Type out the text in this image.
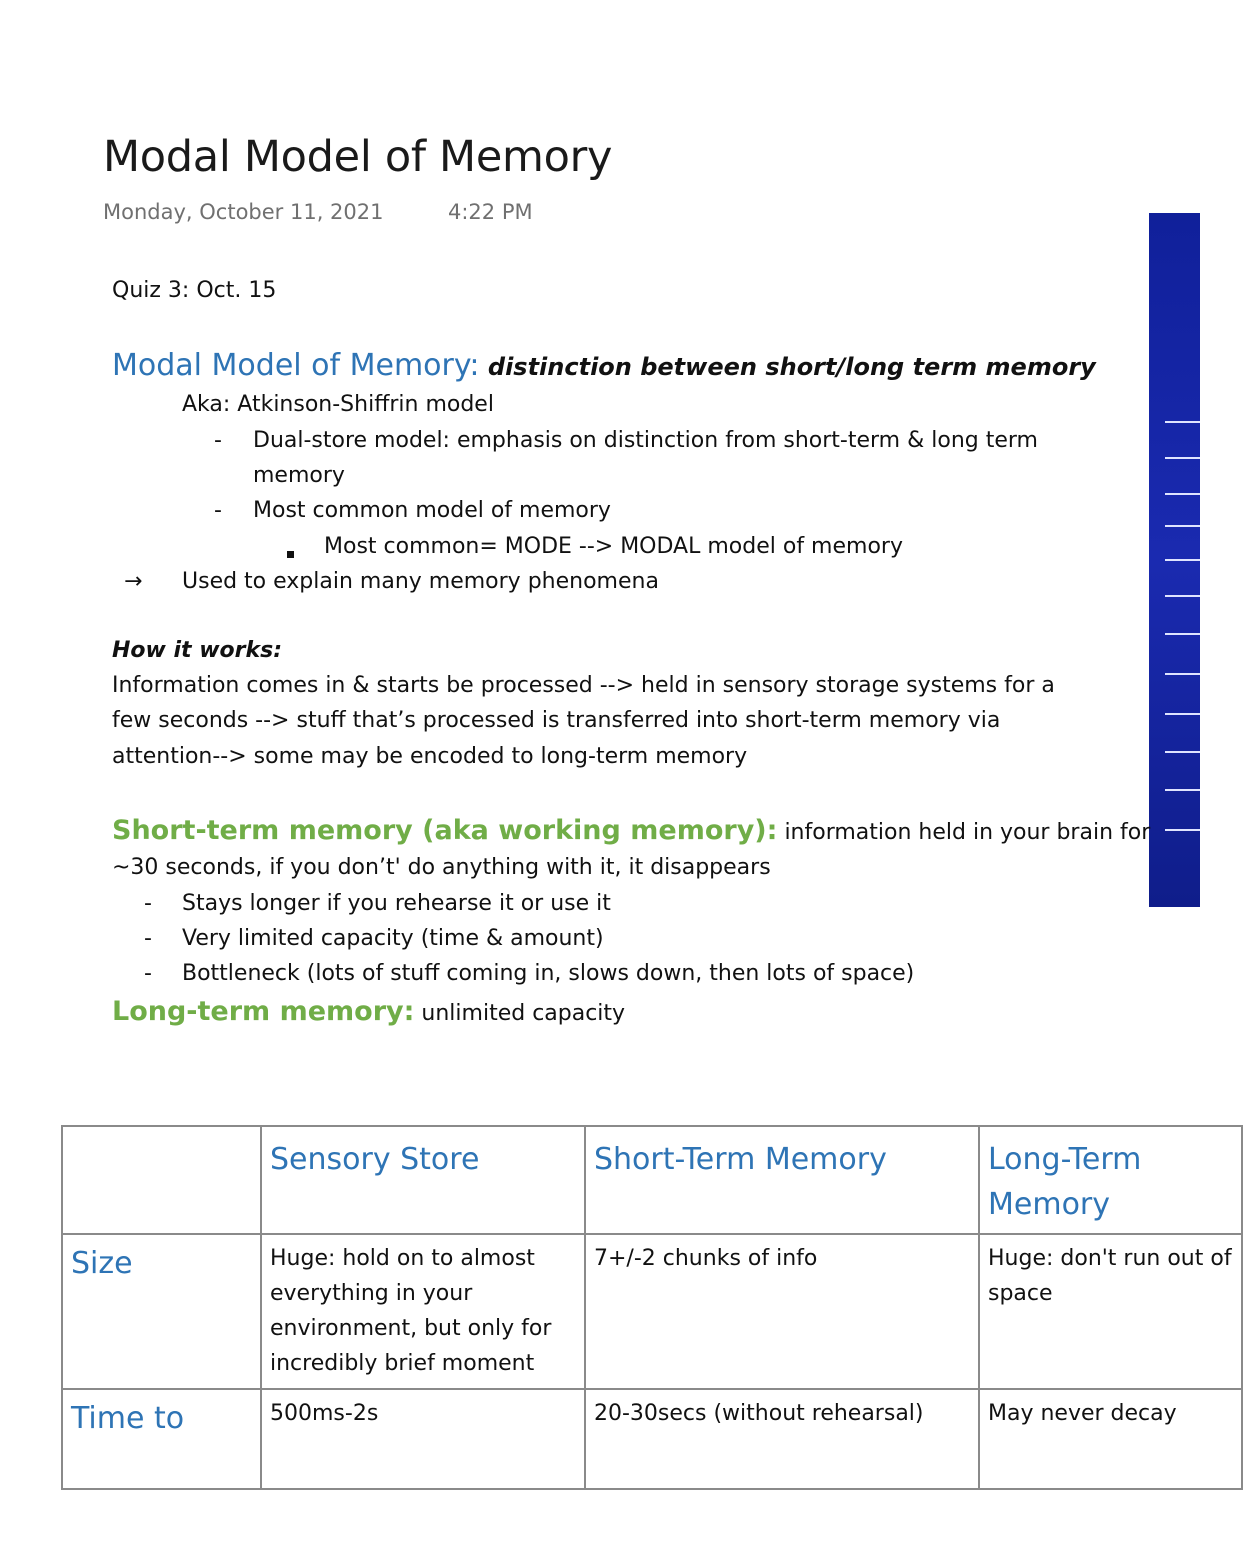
Modal Model of Memory
Monday, October 11, 2021	4:22 PM
Quiz 3: Oct. 15
Modal Model of Memory: distinction between short/long term memory
Aka: Atkinson-Shiffrin model
- Dual-store model: emphasis on distinction from short-term & long term
memory
- Most common model of memory
Most common= MODE --> MODAL model of memory
→ Used to explain many memory phenomena
How it works:
Information comes in & starts be processed --> held in sensory storage systems for a
few seconds --> stuff that’s processed is transferred into short-term memory via
attention--> some may be encoded to long-term memory
Short-term memory (aka working memory): information held in your brain for
~30 seconds, if you don’t' do anything with it, it disappears
- Stays longer if you rehearse it or use it
- Very limited capacity (time & amount)
- Bottleneck (lots of stuff coming in, slows down, then lots of space)
Long-term memory: unlimited capacity
	Sensory Store	Short-Term Memory	Long-Term Memory
Size	Huge: hold on to almost everything in your environment, but only for incredibly brief moment	7+/-2 chunks of info	Huge: don't run out of space
Time to	500ms-2s	20-30secs (without rehearsal)	May never decay
